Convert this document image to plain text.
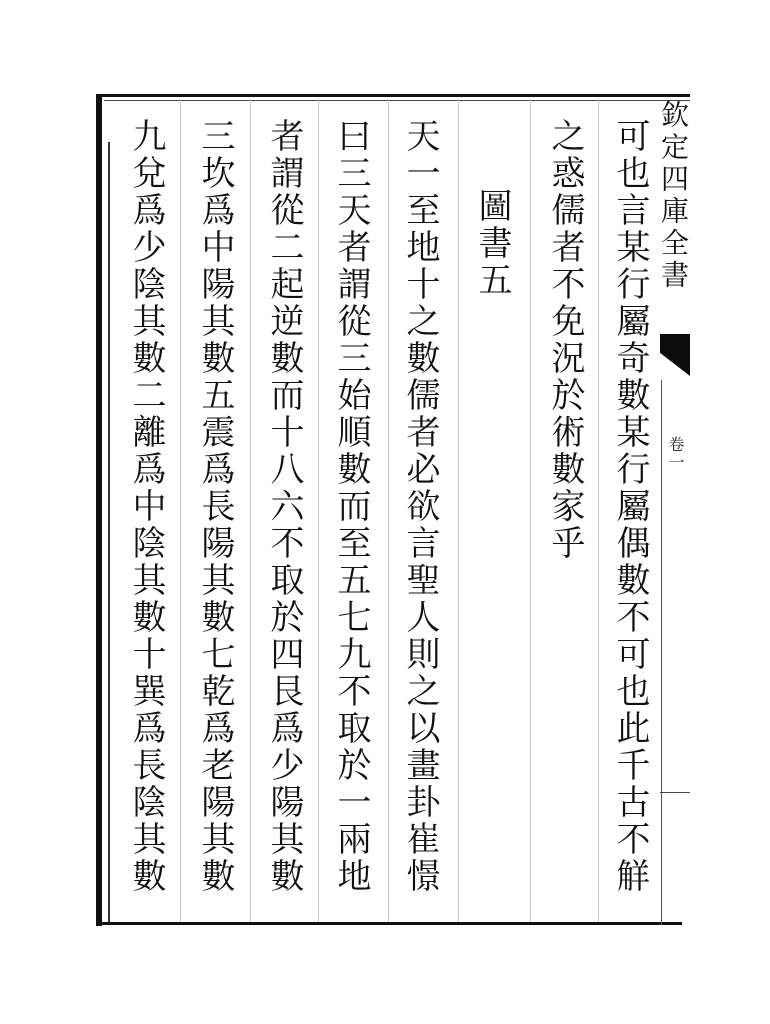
欽定四庫全書
卷一
可也言某行屬奇數某行屬偶數不可也此千古不觧
之惑儒者不免況於術數家乎
圖書五
天一至地十之數儒者必欲言聖人則之以畫卦崔憬
曰三天者謂從三始順數而至五七九不取於一兩地
者謂從二起逆數而十八六不取於四艮爲少陽其數
三坎爲中陽其數五震爲長陽其數七乾爲老陽其數
九兌爲少陰其數二離爲中陰其數十巽爲長陰其數
